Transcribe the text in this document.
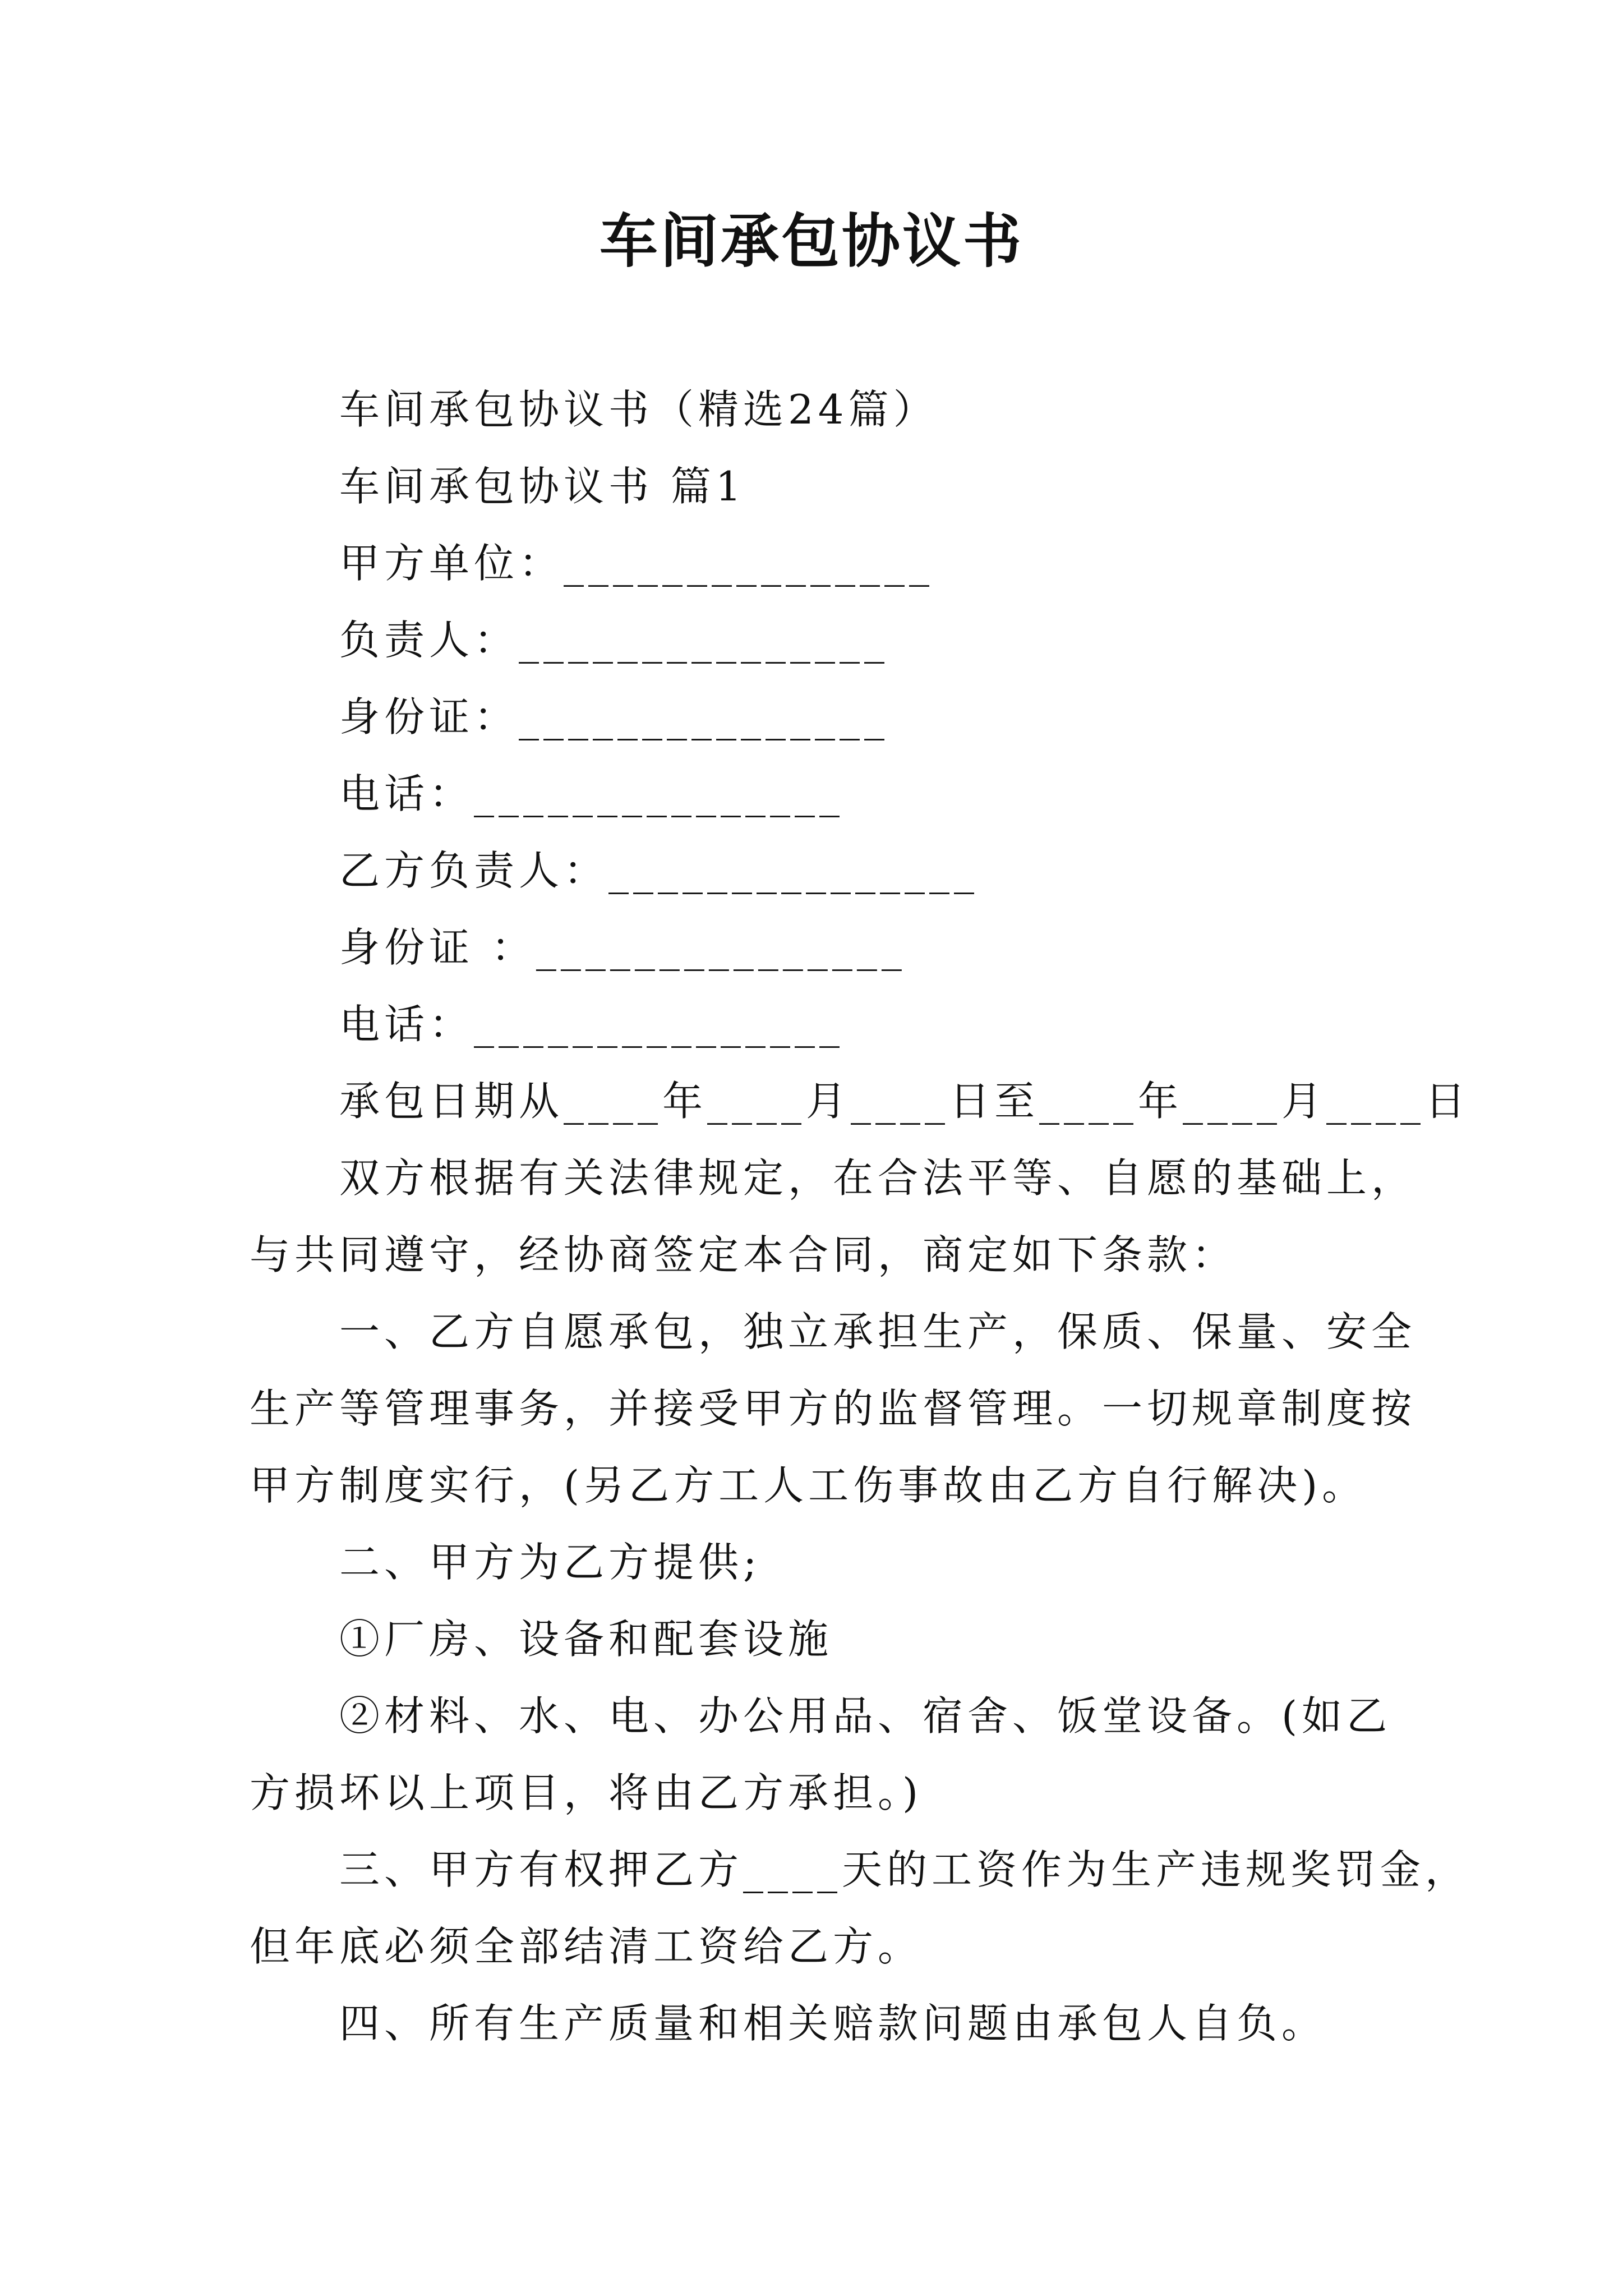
车间承包协议书
车间承包协议书（精选24篇）
车间承包协议书 篇1
甲方单位：_______________
负责人：_______________
身份证：_______________
电话：_______________
乙方负责人：_______________
身份证 ：_______________
电话：_______________
承包日期从____年____月____日至____年____月____日
双方根据有关法律规定，在合法平等、自愿的基础上，
与共同遵守，经协商签定本合同，商定如下条款：
一、乙方自愿承包，独立承担生产，保质、保量、安全
生产等管理事务，并接受甲方的监督管理。一切规章制度按
甲方制度实行，(另乙方工人工伤事故由乙方自行解决)。
二、甲方为乙方提供;
①厂房、设备和配套设施
②材料、水、电、办公用品、宿舍、饭堂设备。(如乙
方损坏以上项目，将由乙方承担。)
三、甲方有权押乙方____天的工资作为生产违规奖罚金，
但年底必须全部结清工资给乙方。
四、所有生产质量和相关赔款问题由承包人自负。
